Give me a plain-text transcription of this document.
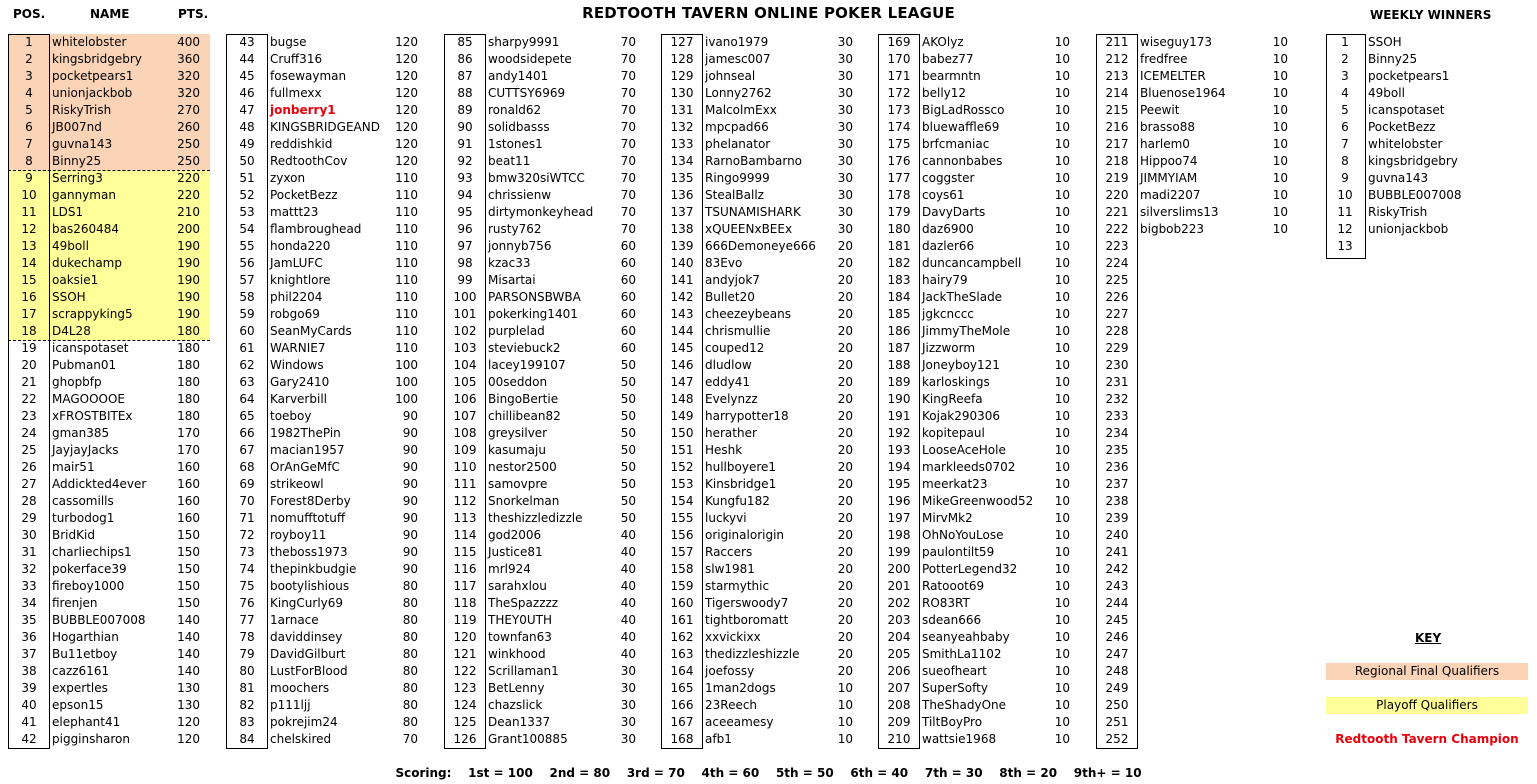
REDTOOTH TAVERN ONLINE POKER LEAGUE
POS.	NAME	PTS.	WEEKLY WINNERS
1	whitelobster	400
2	kingsbridgebry	360
3	pocketpears1	320
4	unionjackbob	320
5	RiskyTrish	270
6	JB007nd	260
7	guvna143	250
8	Binny25	250
9	Serring3	220
10	gannyman	220
11	LDS1	210
12	bas260484	200
13	49boll	190
14	dukechamp	190
15	oaksie1	190
16	SSOH	190
17	scrappyking5	190
18	D4L28	180
19	icanspotaset	180
20	Pubman01	180
21	ghopbfp	180
22	MAGOOOOE	180
23	xFROSTBITEx	180
24	gman385	170
25	JayjayJacks	170
26	mair51	160
27	Addickted4ever	160
28	cassomills	160
29	turbodog1	160
30	BridKid	150
31	charliechips1	150
32	pokerface39	150
33	fireboy1000	150
34	firenjen	150
35	BUBBLE007008	140
36	Hogarthian	140
37	Bu11etboy	140
38	cazz6161	140
39	expertles	130
40	epson15	130
41	elephant41	120
42	pigginsharon	120
43	bugse	120
44	Cruff316	120
45	fosewayman	120
46	fullmexx	120
47	jonberry1	120
48	KINGSBRIDGEAND	120
49	reddishkid	120
50	RedtoothCov	120
51	zyxon	110
52	PocketBezz	110
53	mattt23	110
54	flambroughead	110
55	honda220	110
56	JamLUFC	110
57	knightlore	110
58	phil2204	110
59	robgo69	110
60	SeanMyCards	110
61	WARNIE7	110
62	Windows	100
63	Gary2410	100
64	Karverbill	100
65	toeboy	90
66	1982ThePin	90
67	macian1957	90
68	OrAnGeMfC	90
69	strikeowl	90
70	Forest8Derby	90
71	nomufftotuff	90
72	royboy11	90
73	theboss1973	90
74	thepinkbudgie	90
75	bootylishious	80
76	KingCurly69	80
77	1arnace	80
78	daviddinsey	80
79	DavidGilburt	80
80	LustForBlood	80
81	moochers	80
82	p111ljj	80
83	pokrejim24	80
84	chelskired	70
85	sharpy9991	70
86	woodsidepete	70
87	andy1401	70
88	CUTTSY6969	70
89	ronald62	70
90	solidbasss	70
91	1stones1	70
92	beat11	70
93	bmw320siWTCC	70
94	chrissienw	70
95	dirtymonkeyhead	70
96	rusty762	70
97	jonnyb756	60
98	kzac33	60
99	Misartai	60
100 PARSONSBWBA	60
101 pokerking1401	60
102 purplelad	60
103 steviebuck2	60
104 lacey199107	50
105 00seddon	50
106 BingoBertie	50
107 chillibean82	50
108 greysilver	50
109 kasumaju	50
110 nestor2500	50
111 samovpre	50
112 Snorkelman	50
113 theshizzledizzle	50
114 god2006	40
115 Justice81	40
116 mrl924	40
117 sarahxlou	40
118 TheSpazzzz	40
119 THEY0UTH	40
120 townfan63	40
121 winkhood	40
122 Scrillaman1	30
123 BetLenny	30
124 chazslick	30
125 Dean1337	30
126 Grant100885	30
127 ivano1979	30
128 jamesc007	30
129 johnseal	30
130 Lonny2762	30
131 MalcolmExx	30
132 mpcpad66	30
133 phelanator	30
134 RarnoBambarno	30
135 Ringo9999	30
136 StealBallz	30
137 TSUNAMISHARK	30
138 xQUEENxBEEx	30
139 666Demoneye666	20
140 83Evo	20
141 andyjok7	20
142 Bullet20	20
143 cheezeybeans	20
144 chrismullie	20
145 couped12	20
146 dludlow	20
147 eddy41	20
148 Evelynzz	20
149 harrypotter18	20
150 herather	20
151 Heshk	20
152 hullboyere1	20
153 Kinsbridge1	20
154 Kungfu182	20
155 luckyvi	20
156 originalorigin	20
157 Raccers	20
158 slw1981	20
159 starmythic	20
160 Tigerswoody7	20
161 tightboromatt	20
162 xxvickixx	20
163 thedizzleshizzle	20
164 joefossy	20
165 1man2dogs	10
166 23Reech	10
167 aceeamesy	10
168 afb1	10
169 AKOlyz	10
170 babez77	10
171 bearmntn	10
172 belly12	10
173 BigLadRossco	10
174 bluewaffle69	10
175 brfcmaniac	10
176 cannonbabes	10
177 coggster	10
178 coys61	10
179 DavyDarts	10
180 daz6900	10
181 dazler66	10
182 duncancampbell	10
183 hairy79	10
184 JackTheSlade	10
185 jgkcnccc	10
186 JimmyTheMole	10
187 Jizzworm	10
188 Joneyboy121	10
189 karloskings	10
190 KingReefa	10
191 Kojak290306	10
192 kopitepaul	10
193 LooseAceHole	10
194 markleeds0702	10
195 meerkat23	10
196 MikeGreenwood52	10
197 MirvMk2	10
198 OhNoYouLose	10
199 paulontilt59	10
200 PotterLegend32	10
201 Ratooot69	10
202 RO83RT	10
203 sdean666	10
204 seanyeahbaby	10
205 SmithLa1102	10
206 sueofheart	10
207 SuperSofty	10
208 TheShadyOne	10
209 TiltBoyPro	10
210 wattsie1968	10
211 wiseguy173	10
212 fredfree	10
213 ICEMELTER	10
214 Bluenose1964	10
215 Peewit	10
216 brasso88	10
217 harlem0	10
218 Hippoo74	10
219 JIMMYIAM	10
220 madi2207	10
221 silverslims13	10
222 bigbob223	10
223
224
225
226
227
228
229
230
231
232
233
234
235
236
237
238
239
240
241
242
243
244
245
246
247
248
249
250
251
252
1	SSOH
2	Binny25
3	pocketpears1
4	49boll
5	icanspotaset
6	PocketBezz
7	whitelobster
8	kingsbridgebry
9	guvna143
10	BUBBLE007008
11	RiskyTrish
12	unionjackbob
13
KEY
Regional Final Qualifiers
Playoff Qualifiers
Redtooth Tavern Champion
Scoring:    1st = 100    2nd = 80    3rd = 70    4th = 60    5th = 50    6th = 40    7th = 30    8th = 20    9th+ = 10
